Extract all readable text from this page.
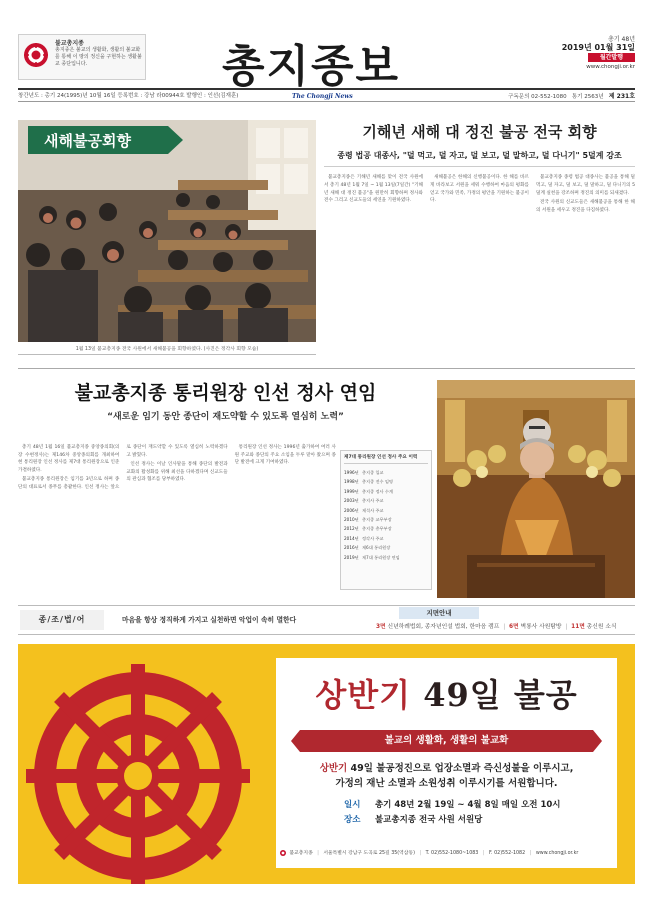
불교총지종
총지종은 불교의 생활화, 생활의 불교화를 통해 이 땅의 정신을 구현하는 생활불교 종단입니다.	총지종보
총기 48년
2019년 01월 31일
월간발행
www.chongji.or.kr
창간년도 : 총기 24(1995)년 10월 16일 등록번호 : 강남 라00944호 발행인 : 인선(김재훈)	The Chongji News	구독문의 02-552-1080 통기 2563년 제 231호
새해불공회향
1월 13일 불교총지종 전국 사원에서 새해불공을 회향하였다. (사진은 정각사 회향 모습)
기해년 새해 대 정진 불공 전국 회향
종령 법공 대종사, "덜 먹고, 덜 자고, 덜 보고, 덜 말하고, 덜 다니기" 5덜계 강조

불교총지종은 기해년 새해를 맞이 전국 사원에서 총기 48년 1월 7일 ~ 1월 13일(7일간) "기해년 새해 대 정진 불공"을 원만히 회향하며 정사와 전수 그리고 신교도들의 세연을 기원하였다.

새해불공은 한해의 신행불공이다. 한 해를 바르게 바라보고 서원을 세워 수행하여 마음의 평화를 얻고 국가와 민족, 가정의 평안을 기원하는 불공이다.

불교총지종 종령 법공 대종사는 불공을 통해 덜 먹고, 덜 자고, 덜 보고, 덜 말하고, 덜 다니기의 5덜계 실천을 강조하며 정진의 의미를 되새겼다.

전국 사원의 신교도들은 새해불공을 통해 한 해의 서원을 세우고 정진을 다짐하였다.

불교총지종 통리원장 인선 정사 연임
“새로운 임기 동안 종단이 재도약할 수 있도록 열심히 노력”

총기 48년 1월 16일 불교총지종 중앙종의회(의장 수현정사)는 제146차 중앙종의회를 개최하여 현 통리원장 인선 정사를 제7대 통리원장으로 인준 가결하였다.

불교총지종 통리원장은 임기를 3년으로 하며 종단의 대표로서 종무를 총괄한다. 인선 정사는 앞으로 종단이 재도약할 수 있도록 열심히 노력하겠다고 밝혔다.

인선 정사는 이날 인사말을 통해 종단의 발전과 교화의 활성화를 위해 최선을 다하겠다며 신교도들의 관심과 협조를 당부하였다.

통리원장 인선 정사는 1996년 출가하여 여러 사원 주교와 종단의 주요 소임을 두루 맡아 왔으며 종단 발전에 크게 기여하였다.

제7대 통리원장 인선 정사 주요 이력
1996년 총지종 입교
1998년 총지종 전수 임명
1999년 총지종 정사 수계
2003년 총지사 주교
2006년 제석사 주교
2010년 총지종 교무부장
2012년 총지종 총무부장
2014년 정각사 주교
2016년 제6대 통리원장
2019년 제7대 통리원장 연임
종/조/법/어	마음을 항상 정직하게 가지고 실천하면 악업이 속히 멸한다
지면안내
3면 신년하례법회, 종자년인설 법회, 한마음 캠프 | 6면 벽룡사 사원탐방 | 11면 총신원 소식
상반기 49일 불공
불교의 생활화, 생활의 불교화
상반기 49일 불공정진으로 업장소멸과 즉신성불을 이루시고,
가정의 재난 소멸과 소원성취 이루시기를 서원합니다.
일시 총기 48년 2월 19일 ~ 4월 8일 매일 오전 10시
장소 불교총지종 전국 사원 서원당
불교총지종 | 서울특별시 강남구 도곡로 25길 35(역삼동) | T. 02)552-1080~1083 | F. 02)552-1082 | www.chongji.or.kr
